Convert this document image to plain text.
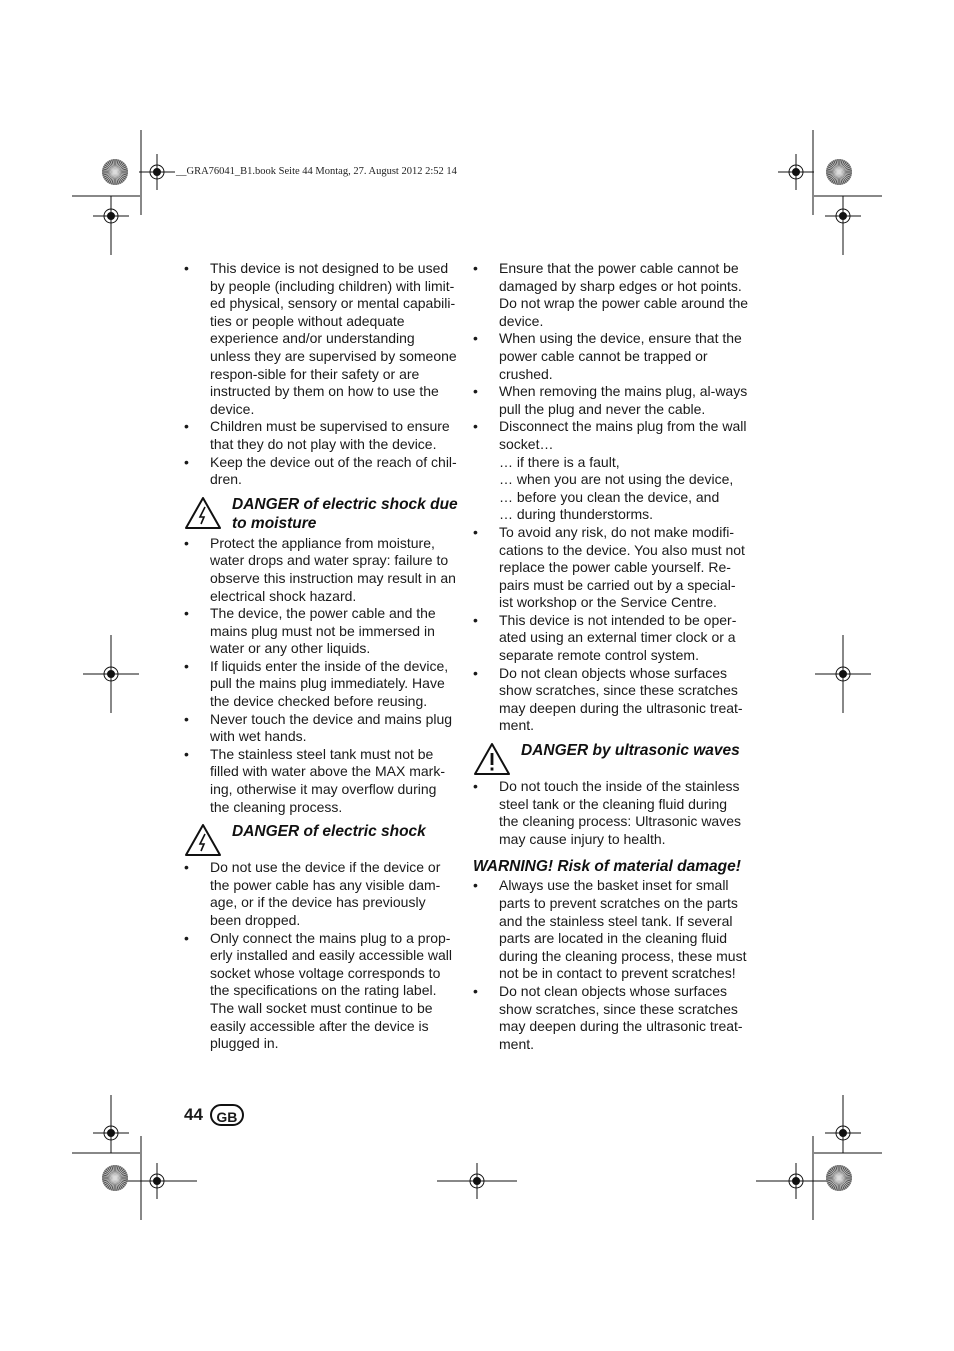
__GRA76041_B1.book Seite 44 Montag, 27. August 2012 2:52 14
• This device is not designed to be used by people (including children) with limit-ed physical, sensory or mental capabili-ties or people without adequate experience and/or understanding unless they are supervised by someone respon-sible for their safety or are instructed by them on how to use the device.
• Children must be supervised to ensure that they do not play with the device.
• Keep the device out of the reach of chil-dren.
DANGER of electric shock due to moisture
• Protect the appliance from moisture, water drops and water spray: failure to observe this instruction may result in an electrical shock hazard.
• The device, the power cable and the mains plug must not be immersed in water or any other liquids.
• If liquids enter the inside of the device, pull the mains plug immediately. Have the device checked before reusing.
• Never touch the device and mains plug with wet hands.
• The stainless steel tank must not be filled with water above the MAX mark-ing, otherwise it may overflow during the cleaning process.
DANGER of electric shock
• Do not use the device if the device or the power cable has any visible dam-age, or if the device has previously been dropped.
• Only connect the mains plug to a prop-erly installed and easily accessible wall socket whose voltage corresponds to the specifications on the rating label. The wall socket must continue to be easily accessible after the device is plugged in.
• Ensure that the power cable cannot be damaged by sharp edges or hot points. Do not wrap the power cable around the device.
• When using the device, ensure that the power cable cannot be trapped or crushed.
• When removing the mains plug, al-ways pull the plug and never the cable.
• Disconnect the mains plug from the wall socket…
… if there is a fault,
… when you are not using the device,
… before you clean the device, and
… during thunderstorms.
• To avoid any risk, do not make modifi-cations to the device. You also must not replace the power cable yourself. Re-pairs must be carried out by a special-ist workshop or the Service Centre.
• This device is not intended to be oper-ated using an external timer clock or a separate remote control system.
• Do not clean objects whose surfaces show scratches, since these scratches may deepen during the ultrasonic treat-ment.
DANGER by ultrasonic waves
• Do not touch the inside of the stainless steel tank or the cleaning fluid during the cleaning process: Ultrasonic waves may cause injury to health.
WARNING! Risk of material damage!
• Always use the basket inset for small parts to prevent scratches on the parts and the stainless steel tank. If several parts are located in the cleaning fluid during the cleaning process, these must not be in contact to prevent scratches!
• Do not clean objects whose surfaces show scratches, since these scratches may deepen during the ultrasonic treat-ment.
44 GB
